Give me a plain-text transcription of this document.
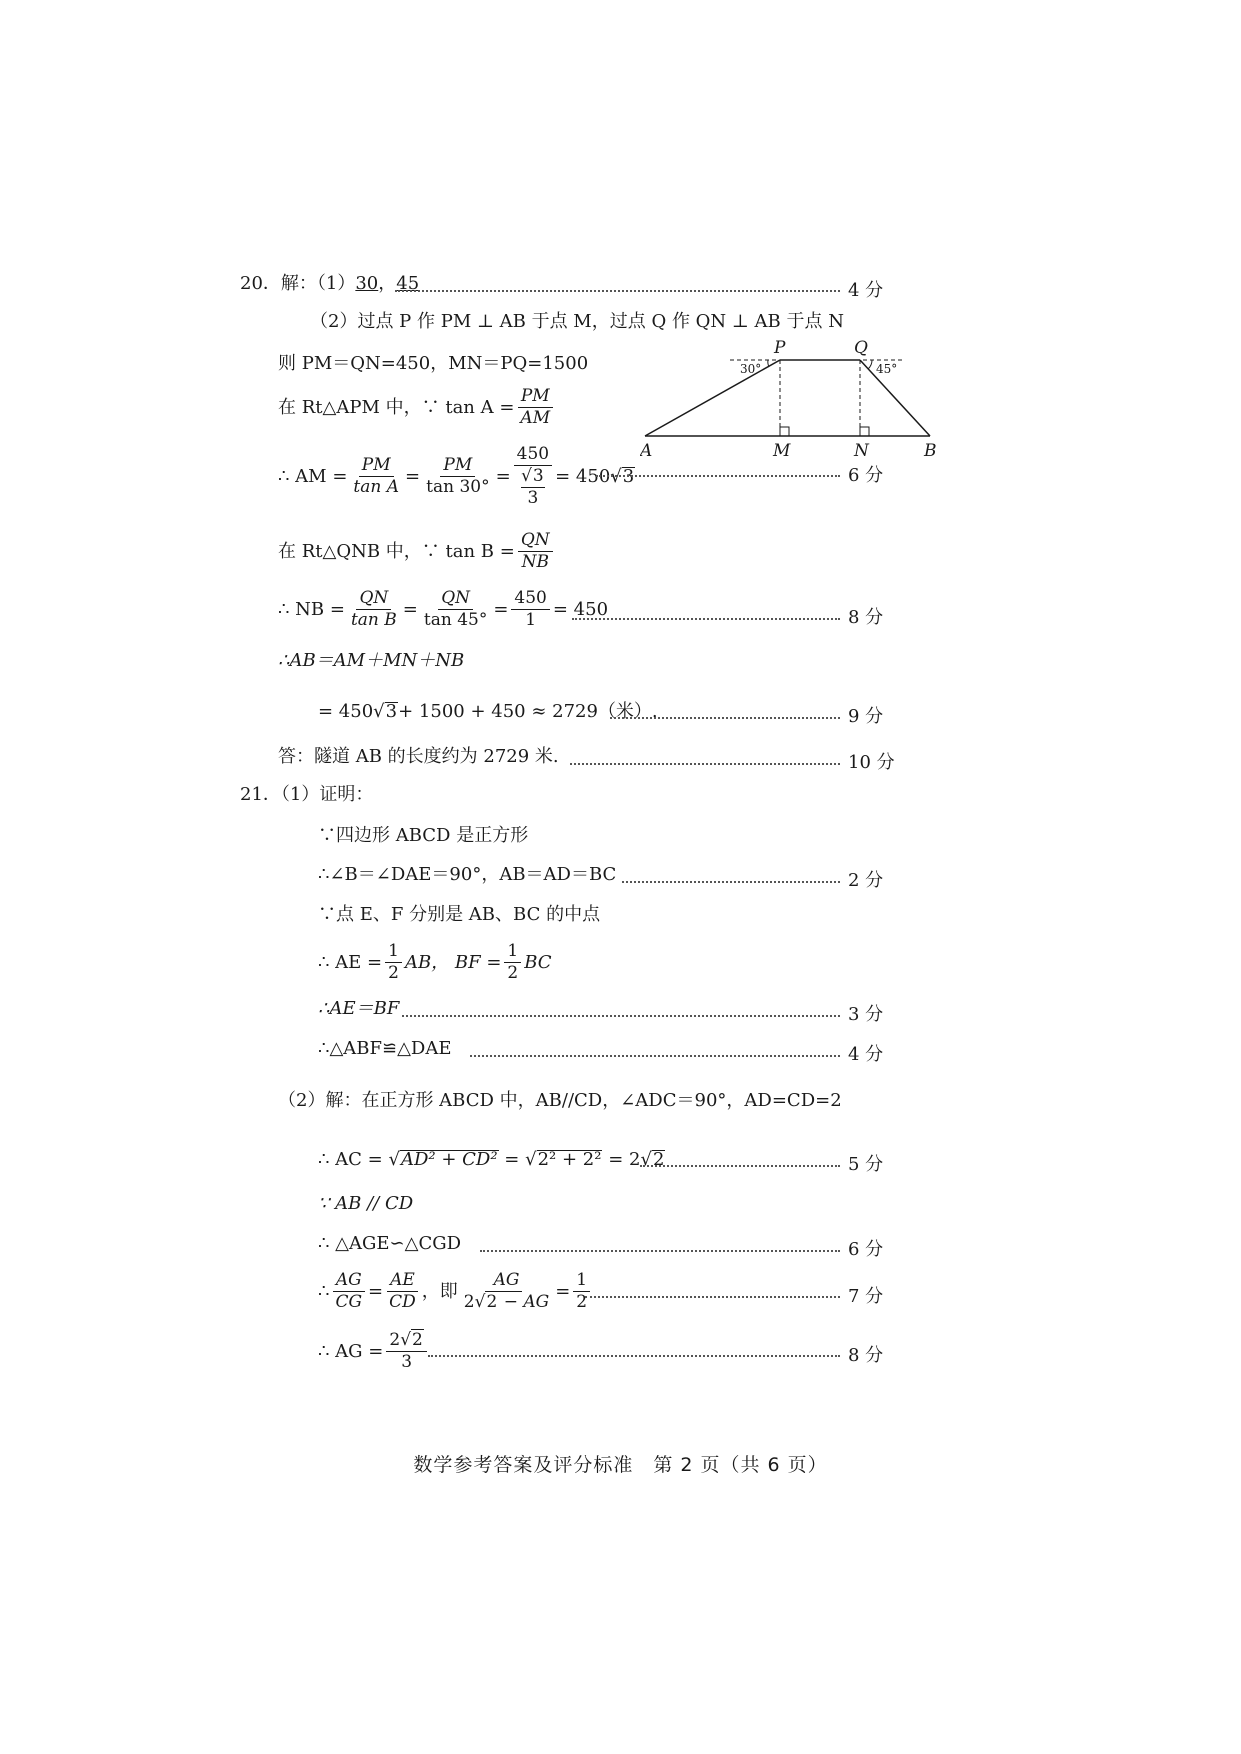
20．解：（1） 30 ， 45	4 分
（2）过点 P 作 PM ⊥ AB 于点 M，过点 Q 作 QN ⊥ AB 于点 N
则 PM＝QN=450，MN＝PQ=1500
在 Rt△APM 中，∵ $\tan A = \frac{PM}{AM}$
∴ AM = $\frac{PM}{\text{tan A}} = \frac{PM}{\tan 30^\circ} = 450$
√3
3 = 450 √ 3	6 分
在 Rt△QNB 中，∵ $\tan B = \frac{QN}{NB}$
∴ NB = $\frac{QN}{\text{tan B}} = \frac{QN}{\tan 45^\circ} = \frac{450}{1} = 450$	8 分
∴AB＝AM＋MN＋NB
= 450 √ 3 + 1500 + 450 ≈ 2729（米）.	9 分
答：隧道 AB 的长度约为 2729 米.	10 分
P	Q
A	M	N	B
30°	45°
21．（1）证明：
∵四边形 ABCD 是正方形
∴∠B＝∠DAE＝90°，AB＝AD＝BC	2 分
∵点 E、F 分别是 AB、BC 的中点
∴ AE = $\frac{1}{2}$ AB， BF = $\frac{1}{2}$ BC
∴AE＝BF	3 分
∴△ABF≌△DAE	4 分
（2）解：在正方形 ABCD 中，AB//CD，∠ADC＝90°，AD=CD=2
∴ AC = √ AD² + CD²
= √ 2² + 2²
= 2 √ 2	5 分
∵ AB // CD
∴ △AGE∽△CGD	6 分
∴ $\frac{AG}{CG} = \frac{AE}{CD}$ ，即 $\frac{AG}{2√2 - AG} = \frac{1}{2}$	7 分
∴ AG = $\frac{2√2}{3}$	8 分
数学参考答案及评分标准　第 2 页（共 6 页）
